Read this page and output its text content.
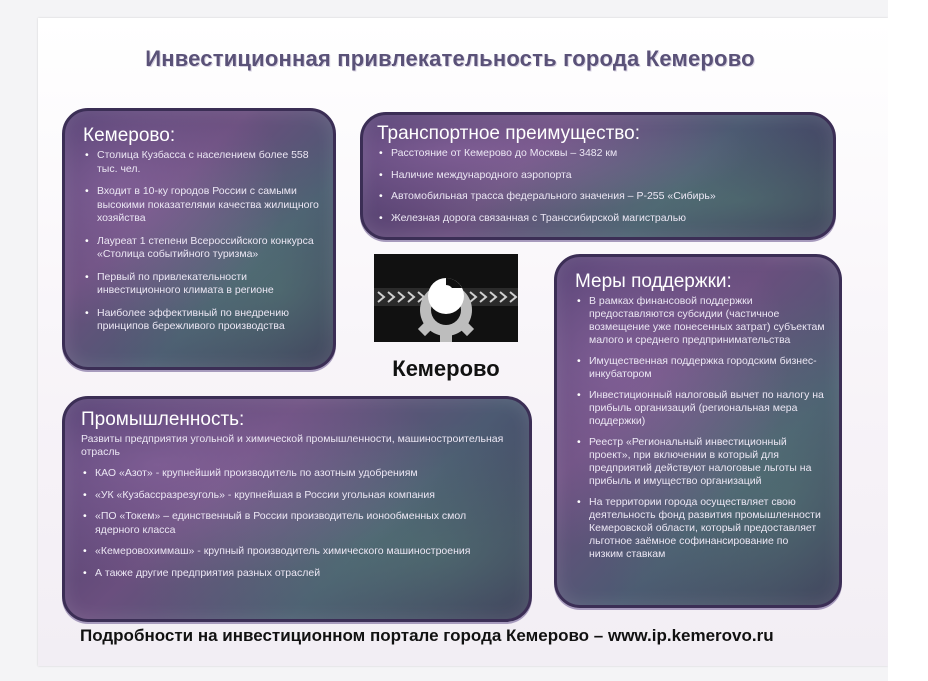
Инвестиционная привлекательность города Кемерово
Кемерово:
• Столица Кузбасса с населением более 558 тыс. чел.
• Входит в 10-ку городов России с самыми высокими показателями качества жилищного хозяйства
• Лауреат 1 степени Всероссийского конкурса «Столица событийного туризма»
• Первый по привлекательности инвестиционного климата в регионе
• Наиболее эффективный по внедрению принципов бережливого производства
Транспортное преимущество:
• Расстояние от Кемерово до Москвы – 3482 км
• Наличие международного аэропорта
• Автомобильная трасса федерального значения – Р-255 «Сибирь»
• Железная дорога связанная с Транссибирской магистралью
Кемерово
Меры поддержки:
• В рамках финансовой поддержки предоставляются субсидии (частичное возмещение уже понесенных затрат) субъектам малого и среднего предпринимательства
• Имущественная поддержка городским бизнес-инкубатором
• Инвестиционный налоговый вычет по налогу на прибыль организаций (региональная мера поддержки)
• Реестр «Региональный инвестиционный проект», при включении в который для предприятий действуют налоговые льготы на прибыль и имущество организаций
• На территории города осуществляет свою деятельность фонд развития промышленности Кемеровской области, который предоставляет льготное заёмное софинансирование по низким ставкам
Промышленность:
Развиты предприятия угольной и химической промышленности, машиностроительная отрасль
• КАО «Азот» - крупнейший производитель по азотным удобрениям
• «УК «Кузбассразрезуголь» - крупнейшая в России угольная компания
• «ПО «Токем» – единственный в России производитель ионообменных смол ядерного класса
• «Кемеровохиммаш» - крупный производитель химического машиностроения
• А также другие предприятия разных отраслей
Подробности на инвестиционном портале города Кемерово – www.ip.kemerovo.ru
